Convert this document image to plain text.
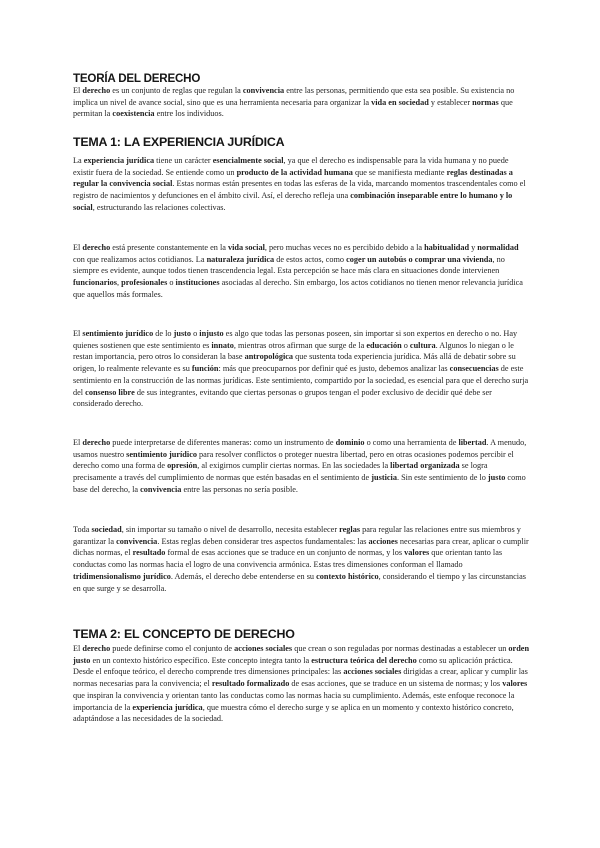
TEORÍA DEL DERECHO

El derecho es un conjunto de reglas que regulan la convivencia entre las personas, permitiendo que esta sea posible. Su existencia no implica un nivel de avance social, sino que es una herramienta necesaria para organizar la vida en sociedad y establecer normas que permitan la coexistencia entre los individuos.

TEMA 1: LA EXPERIENCIA JURÍDICA

La experiencia jurídica tiene un carácter esencialmente social, ya que el derecho es indispensable para la vida humana y no puede existir fuera de la sociedad. Se entiende como un producto de la actividad humana que se manifiesta mediante reglas destinadas a regular la convivencia social. Estas normas están presentes en todas las esferas de la vida, marcando momentos trascendentales como el registro de nacimientos y defunciones en el ámbito civil. Así, el derecho refleja una combinación inseparable entre lo humano y lo social, estructurando las relaciones colectivas.

El derecho está presente constantemente en la vida social, pero muchas veces no es percibido debido a la habitualidad y normalidad con que realizamos actos cotidianos. La naturaleza jurídica de estos actos, como coger un autobús o comprar una vivienda, no siempre es evidente, aunque todos tienen trascendencia legal. Esta percepción se hace más clara en situaciones donde intervienen funcionarios, profesionales o instituciones asociadas al derecho. Sin embargo, los actos cotidianos no tienen menor relevancia jurídica que aquellos más formales.

El sentimiento jurídico de lo justo o injusto es algo que todas las personas poseen, sin importar si son expertos en derecho o no. Hay quienes sostienen que este sentimiento es innato, mientras otros afirman que surge de la educación o cultura. Algunos lo niegan o le restan importancia, pero otros lo consideran la base antropológica que sustenta toda experiencia jurídica. Más allá de debatir sobre su origen, lo realmente relevante es su función: más que preocuparnos por definir qué es justo, debemos analizar las consecuencias de este sentimiento en la construcción de las normas jurídicas. Este sentimiento, compartido por la sociedad, es esencial para que el derecho surja del consenso libre de sus integrantes, evitando que ciertas personas o grupos tengan el poder exclusivo de decidir qué debe ser considerado derecho.

El derecho puede interpretarse de diferentes maneras: como un instrumento de dominio o como una herramienta de libertad. A menudo, usamos nuestro sentimiento jurídico para resolver conflictos o proteger nuestra libertad, pero en otras ocasiones podemos percibir el derecho como una forma de opresión, al exigirnos cumplir ciertas normas. En las sociedades la libertad organizada se logra precisamente a través del cumplimiento de normas que estén basadas en el sentimiento de justicia. Sin este sentimiento de lo justo como base del derecho, la convivencia entre las personas no sería posible.

Toda sociedad, sin importar su tamaño o nivel de desarrollo, necesita establecer reglas para regular las relaciones entre sus miembros y garantizar la convivencia. Estas reglas deben considerar tres aspectos fundamentales: las acciones necesarias para crear, aplicar o cumplir dichas normas, el resultado formal de esas acciones que se traduce en un conjunto de normas, y los valores que orientan tanto las conductas como las normas hacia el logro de una convivencia armónica. Estas tres dimensiones conforman el llamado tridimensionalismo jurídico. Además, el derecho debe entenderse en su contexto histórico, considerando el tiempo y las circunstancias en que surge y se desarrolla.

TEMA 2: EL CONCEPTO DE DERECHO

El derecho puede definirse como el conjunto de acciones sociales que crean o son reguladas por normas destinadas a establecer un orden justo en un contexto histórico específico. Este concepto integra tanto la estructura teórica del derecho como su aplicación práctica. Desde el enfoque teórico, el derecho comprende tres dimensiones principales: las acciones sociales dirigidas a crear, aplicar y cumplir las normas necesarias para la convivencia; el resultado formalizado de esas acciones, que se traduce en un sistema de normas; y los valores que inspiran la convivencia y orientan tanto las conductas como las normas hacia su cumplimiento. Además, este enfoque reconoce la importancia de la experiencia jurídica, que muestra cómo el derecho surge y se aplica en un momento y contexto histórico concreto, adaptándose a las necesidades de la sociedad.
